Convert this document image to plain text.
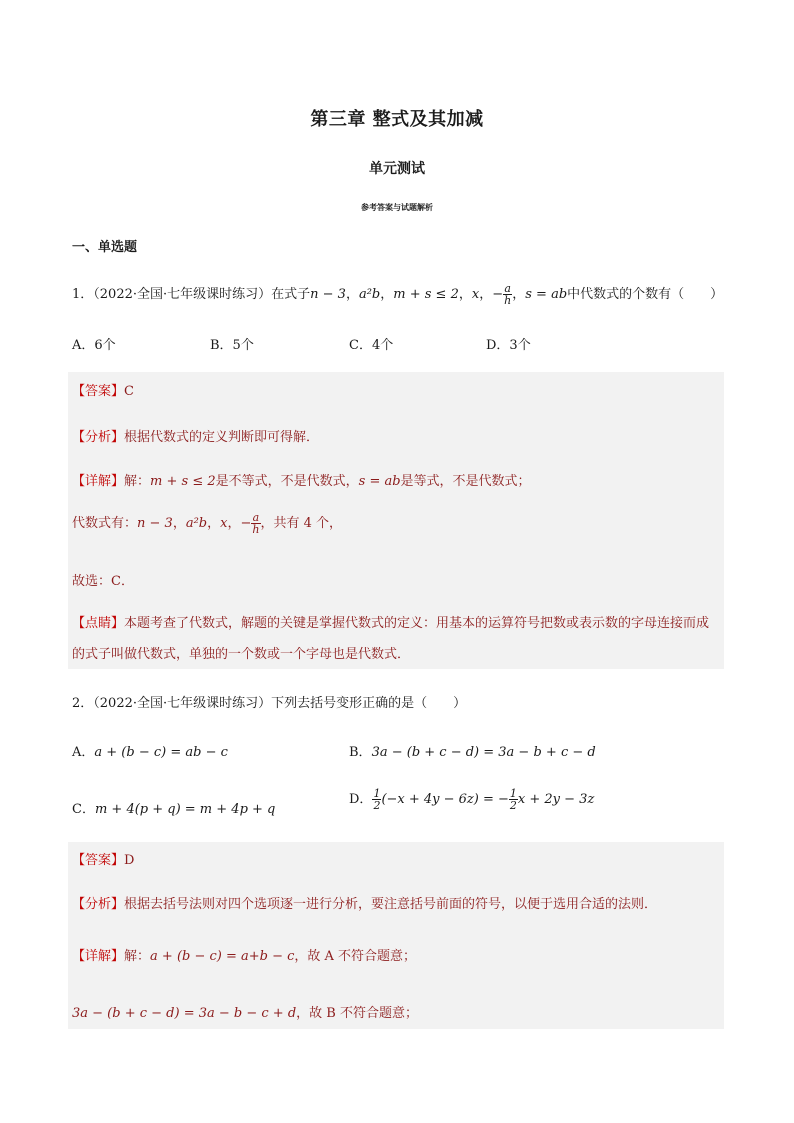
第三章 整式及其加减
单元测试
参考答案与试题解析
一、单选题
1．（2022·全国·七年级课时练习）在式子n − 3，a²b，m + s ≤ 2，x，− $\frac{a}{h}$ ，s = ab中代数式的个数有（　　）
A．6个	B．5个	C．4个	D．3个
【答案】C
【分析】根据代数式的定义判断即可得解．
【详解】解：m + s ≤ 2是不等式，不是代数式，s = ab是等式，不是代数式；
代数式有：n − 3，a²b，x，− $\frac{a}{h}$ ，共有 4 个，
故选：C．
【点睛】本题考查了代数式，解题的关键是掌握代数式的定义：用基本的运算符号把数或表示数的字母连接而成的式子叫做代数式，单独的一个数或一个字母也是代数式．
2．（2022·全国·七年级课时练习）下列去括号变形正确的是（　　）
A．a + (b − c) = ab − c	B．3a − (b + c − d) = 3a − b + c − d
C．m + 4(p + q) = m + 4p + q
D． $\frac{1}{2} (-x + 4y - 6z)$ = − $\frac{1}{2}$ x + 2y − 3z
【答案】D
【分析】根据去括号法则对四个选项逐一进行分析，要注意括号前面的符号，以便于选用合适的法则．
【详解】解：a + (b − c) = a+b − c，故 A 不符合题意；
3a − (b + c − d) = 3a − b − c + d，故 B 不符合题意；
